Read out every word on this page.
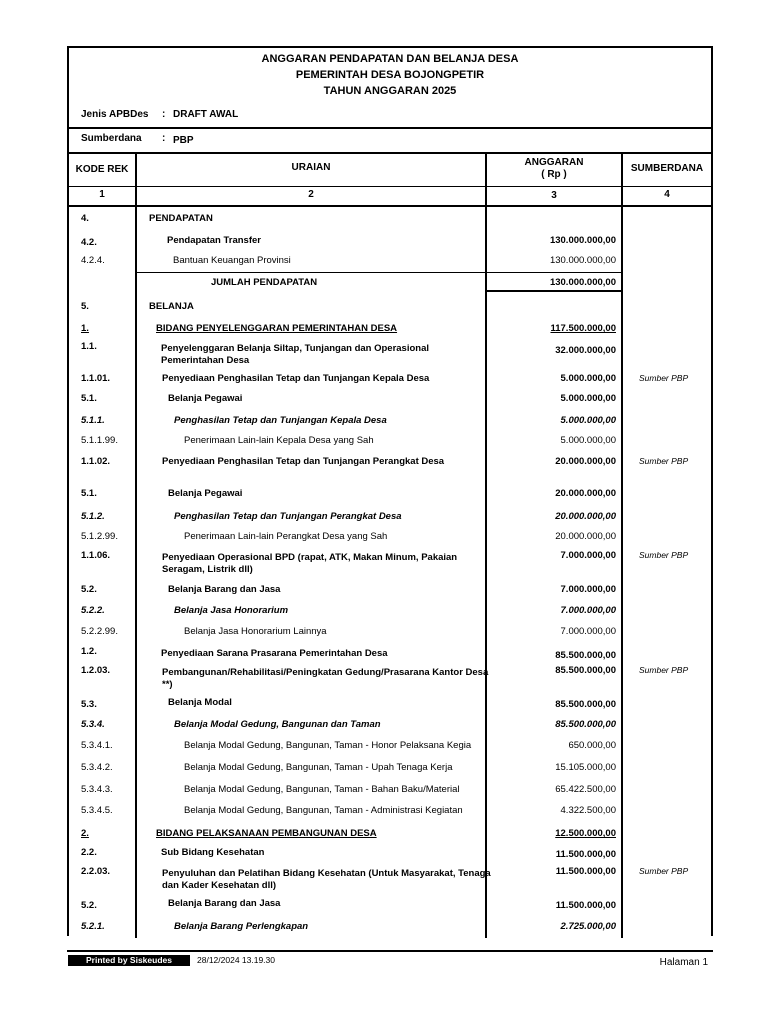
ANGGARAN PENDAPATAN DAN BELANJA DESA
PEMERINTAH DESA BOJONGPETIR
TAHUN ANGGARAN 2025
Jenis APBDes : DRAFT AWAL
Sumberdana : PBP
KODE REK	URAIAN	ANGGARAN
( Rp )
SUMBERDANA
1	2	3	4
4.	PENDAPATAN
4.2.	Pendapatan Transfer	130.000.000,00
4.2.4.	Bantuan Keuangan Provinsi	130.000.000,00
JUMLAH PENDAPATAN	130.000.000,00
5.	BELANJA
1.	BIDANG PENYELENGGARAN PEMERINTAHAN DESA	117.500.000,00
1.1.	Penyelenggaran Belanja Siltap, Tunjangan dan Operasional Pemerintahan Desa
32.000.000,00
1.1.01.	Penyediaan Penghasilan Tetap dan Tunjangan Kepala Desa	5.000.000,00	Sumber PBP
5.1.	Belanja Pegawai	5.000.000,00
5.1.1.	Penghasilan Tetap dan Tunjangan Kepala Desa	5.000.000,00
5.1.1.99.	Penerimaan Lain-lain Kepala Desa yang Sah	5.000.000,00
1.1.02.	Penyediaan Penghasilan Tetap dan Tunjangan Perangkat Desa	20.000.000,00	Sumber PBP
5.1.	Belanja Pegawai	20.000.000,00
5.1.2.	Penghasilan Tetap dan Tunjangan Perangkat Desa	20.000.000,00
5.1.2.99.	Penerimaan Lain-lain Perangkat Desa yang Sah	20.000.000,00
1.1.06.	Penyediaan Operasional BPD (rapat, ATK, Makan Minum, Pakaian Seragam, Listrik dll)
7.000.000,00	Sumber PBP
5.2.	Belanja Barang dan Jasa	7.000.000,00
5.2.2.	Belanja Jasa Honorarium	7.000.000,00
5.2.2.99.	Belanja Jasa Honorarium Lainnya	7.000.000,00
1.2.	Penyediaan Sarana Prasarana Pemerintahan Desa	85.500.000,00
1.2.03.	Pembangunan/Rehabilitasi/Peningkatan Gedung/Prasarana Kantor Desa **)
85.500.000,00	Sumber PBP
5.3.	Belanja Modal	85.500.000,00
5.3.4.	Belanja Modal Gedung, Bangunan dan Taman	85.500.000,00
5.3.4.1.	Belanja Modal Gedung, Bangunan, Taman - Honor Pelaksana Kegia	650.000,00
5.3.4.2.	Belanja Modal Gedung, Bangunan, Taman - Upah Tenaga Kerja	15.105.000,00
5.3.4.3.	Belanja Modal Gedung, Bangunan, Taman - Bahan Baku/Material	65.422.500,00
5.3.4.5.	Belanja Modal Gedung, Bangunan, Taman - Administrasi Kegiatan	4.322.500,00
2.	BIDANG PELAKSANAAN PEMBANGUNAN DESA	12.500.000,00
2.2.	Sub Bidang Kesehatan	11.500.000,00
2.2.03.	Penyuluhan dan Pelatihan Bidang Kesehatan (Untuk Masyarakat, Tenaga dan Kader Kesehatan dll)
11.500.000,00	Sumber PBP
5.2.	Belanja Barang dan Jasa	11.500.000,00
5.2.1.	Belanja Barang Perlengkapan	2.725.000,00
Printed by Siskeudes	28/12/2024 13.19.30	Halaman 1
